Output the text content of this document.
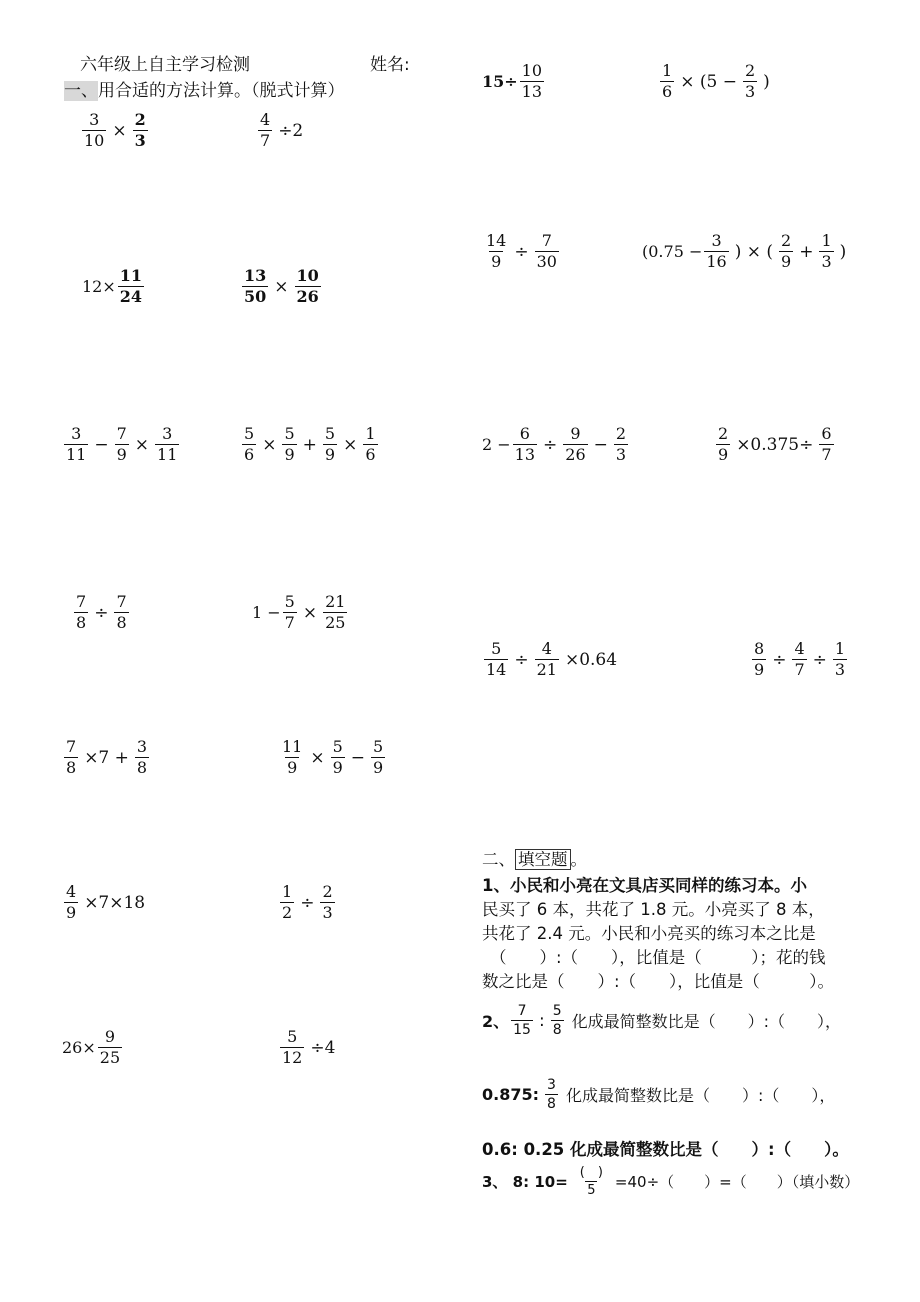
六年级上自主学习检测	姓名:
一、用合适的方法计算。（脱式计算）
$\frac{3}{10} \times \frac{2}{3}$	$\frac{4}{7} \div 2$
$12\times \frac{11}{24}$	$\frac{13}{50} \times \frac{10}{26}$
$\frac{3}{11} - \frac{7}{9} \times \frac{3}{11}$	$\frac{5}{6} \times \frac{5}{9} + \frac{5}{9} \times \frac{1}{6}$
$\frac{7}{8} \div \frac{7}{8}$	$1 - \frac{5}{7} \times \frac{21}{25}$
$\frac{7}{8} \times 7 + \frac{3}{8}$	$\frac{11}{9} \times \frac{5}{9} - \frac{5}{9}$
$\frac{4}{9} \times 7\times 18$	$\frac{1}{2} \div \frac{2}{3}$
$26\times \frac{9}{25}$	$\frac{5}{12} \div 4$
$15\div \frac{10}{13}$	$\frac{1}{6} \times (5 - \frac{2}{3}$ )
$\frac{14}{9} \div \frac{7}{30}$	($0.75 - \frac{3}{16}$ ) × ( $\frac{2}{9} + \frac{1}{3}$ )
$2 - \frac{6}{13} \div \frac{9}{26} - \frac{2}{3}$	$\frac{2}{9} \times 0.375\div \frac{6}{7}$
$\frac{5}{14} \div \frac{4}{21} \times 0.64$	$\frac{8}{9} \div \frac{4}{7} \div \frac{1}{3}$
二、 填空题 。
1、小民和小亮在文具店买同样的练习本。小
民买了 6 本，共花了 1.8 元。小亮买了 8 本，
共花了 2.4 元。小民和小亮买的练习本之比是
（　　）:（　　），比值是（　　　）；花的钱
数之比是（　　）:（　　），比值是（　　　）。
2、 $\frac{7}{15}$ : $\frac{5}{8}$ 化成最简整数比是（　　）:（　　），
0.875: $\frac{3}{8}$ 化成最简整数比是（　　）:（　　），
0.6: 0.25 化成最简整数比是（　　）:（　　）。
3、 8: $10= \frac{( )}{5} =40\div$（　　）=（　　）（填小数）
